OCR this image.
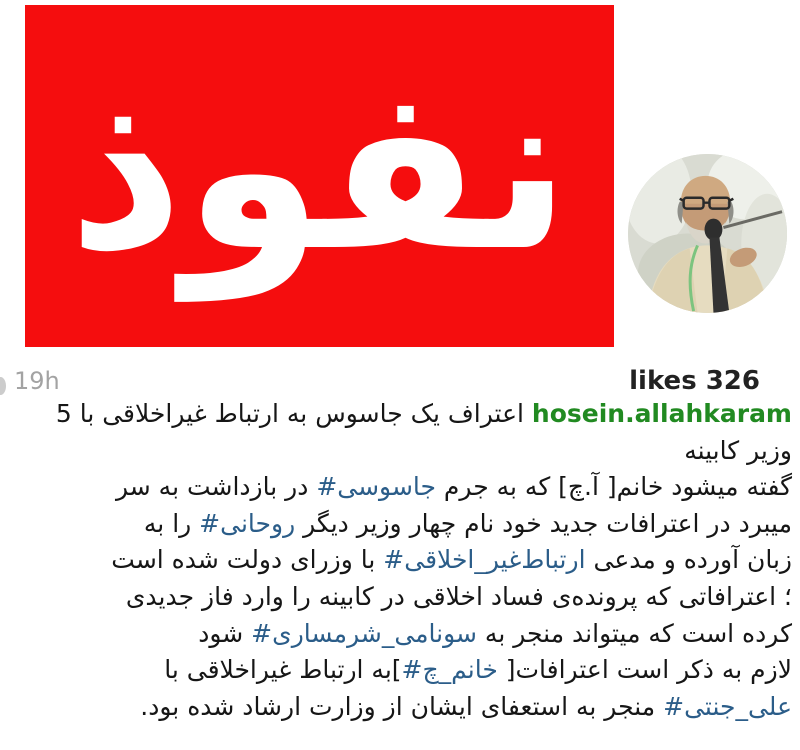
نفوذ
19h	likes 326
hosein.allahkaram اعتراف یک جاسوس به ارتباط غیراخلاقی با 5
وزیر کابینه
گفته میشود خانم[ آ.چ] که به جرم #جاسوسی در بازداشت به سر
میبرد در اعترافات جدید خود نام چهار وزیر دیگر #روحانی را به
زبان آورده و مدعی #ارتباط‌غیر_اخلاقی با وزرای دولت شده است
؛ اعترافاتی که پرونده‌ی فساد اخلاقی در کابینه را وارد فاز جدیدی
کرده است که میتواند منجر به #سونامی_شرمساری شود
لازم به ذکر است اعترافات[ #خانم_چ]به ارتباط غیراخلاقی با
#علی_جنتی منجر به استعفای ایشان از وزارت ارشاد شده بود.
